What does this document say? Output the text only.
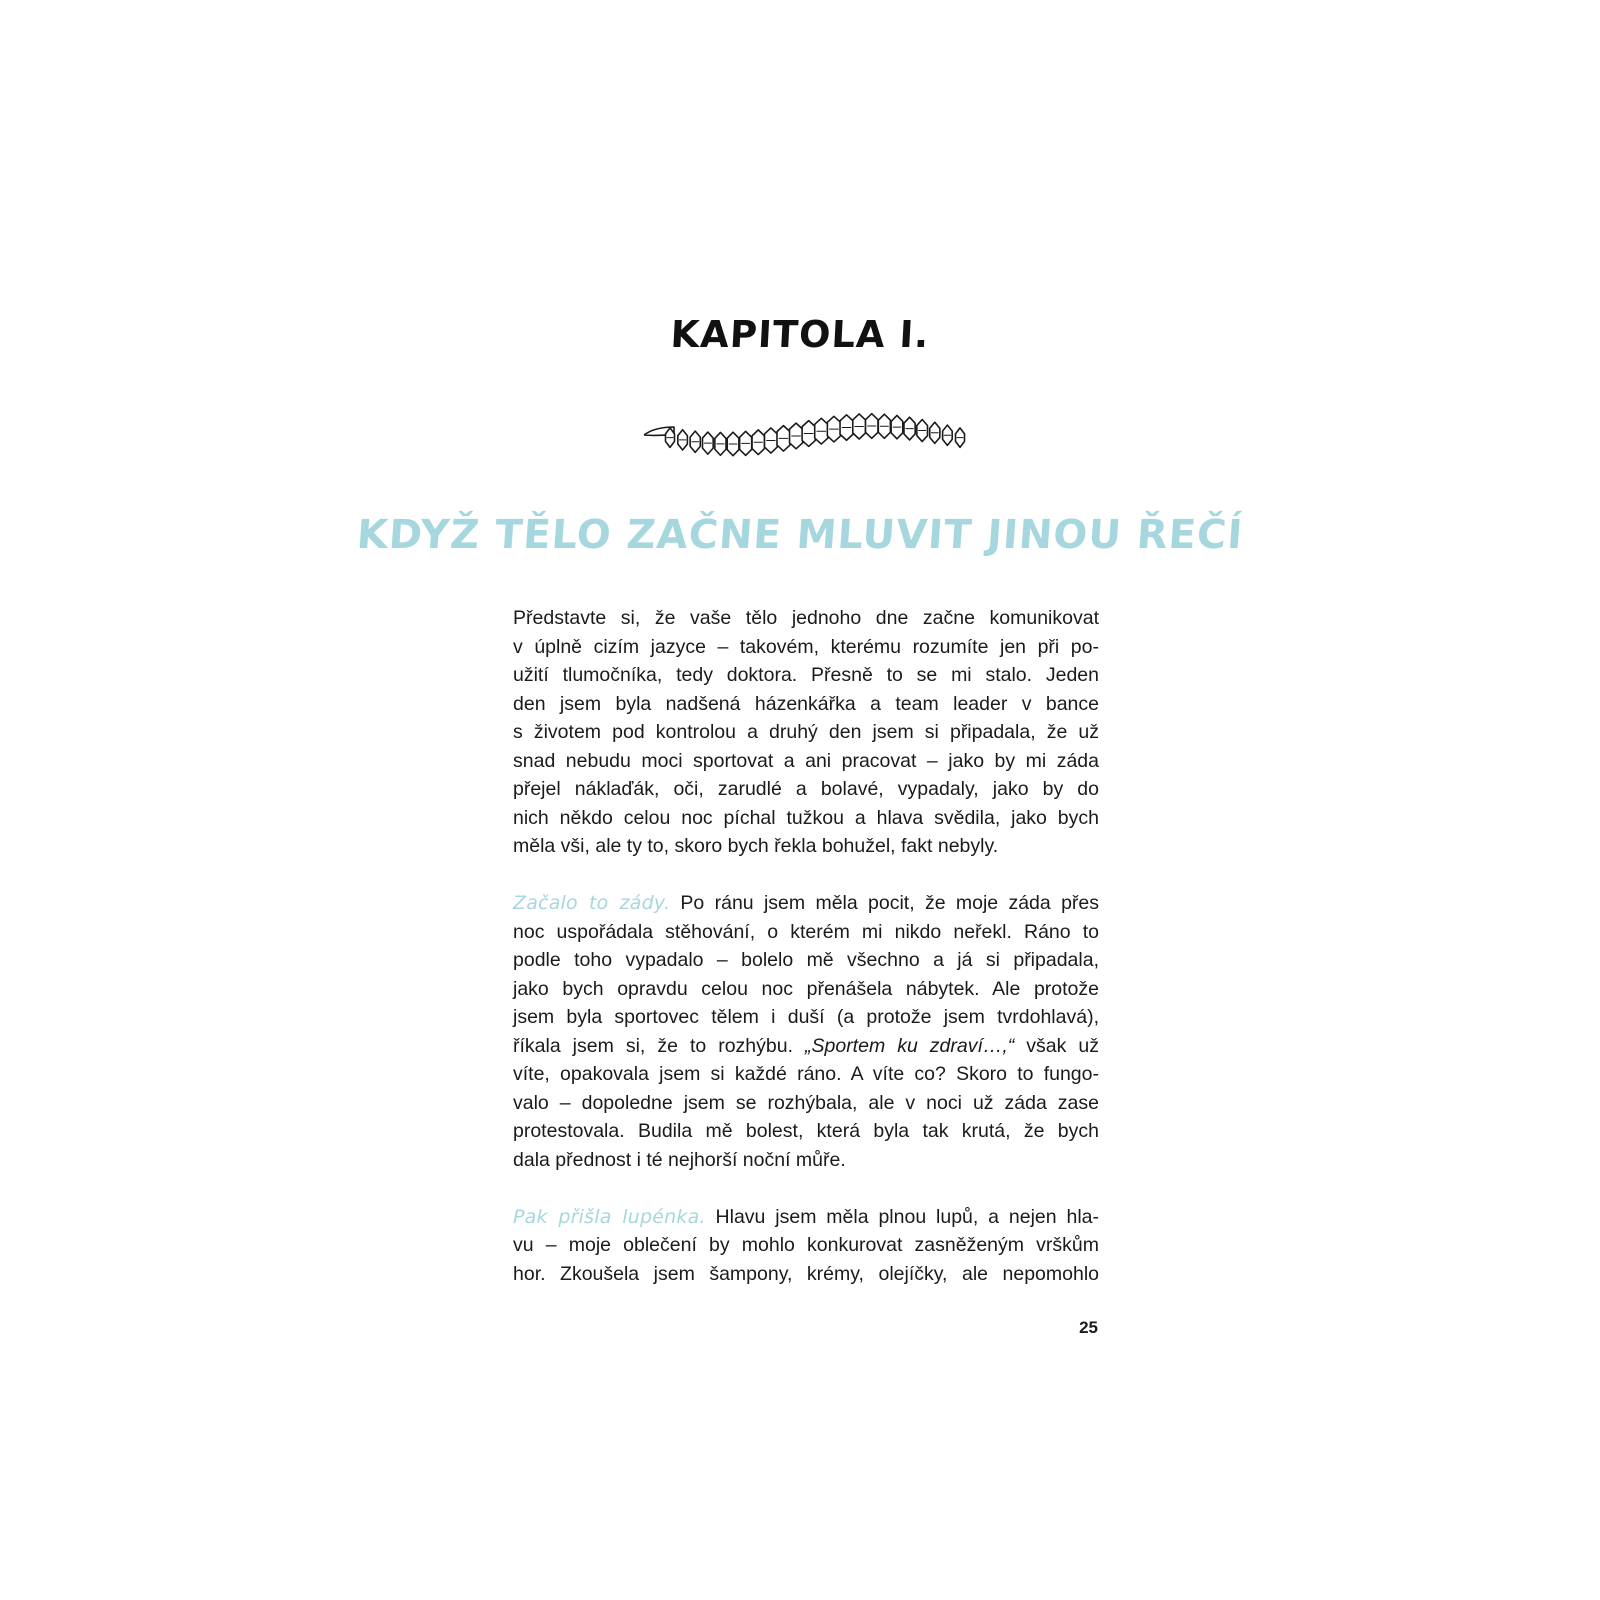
KAPITOLA I.
KDYŽ TĚLO ZAČNE MLUVIT JINOU ŘEČÍ

Představte si, že vaše tělo jednoho dne začne komunikovat
v úplně cizím jazyce – takovém, kterému rozumíte jen při po-
užití tlumočníka, tedy doktora. Přesně to se mi stalo. Jeden
den jsem byla nadšená házenkářka a team leader v bance
s životem pod kontrolou a druhý den jsem si připadala, že už
snad nebudu moci sportovat a ani pracovat – jako by mi záda
přejel náklaďák, oči, zarudlé a bolavé, vypadaly, jako by do
nich někdo celou noc píchal tužkou a hlava svědila, jako bych
měla vši, ale ty to, skoro bych řekla bohužel, fakt nebyly.

Začalo to zády. Po ránu jsem měla pocit, že moje záda přes
noc uspořádala stěhování, o kterém mi nikdo neřekl. Ráno to
podle toho vypadalo – bolelo mě všechno a já si připadala,
jako bych opravdu celou noc přenášela nábytek. Ale protože
jsem byla sportovec tělem i duší (a protože jsem tvrdohlavá),
říkala jsem si, že to rozhýbu. „Sportem ku zdraví…,“ však už
víte, opakovala jsem si každé ráno. A víte co? Skoro to fungo-
valo – dopoledne jsem se rozhýbala, ale v noci už záda zase
protestovala. Budila mě bolest, která byla tak krutá, že bych
dala přednost i té nejhorší noční můře.

Pak přišla lupénka. Hlavu jsem měla plnou lupů, a nejen hla-
vu – moje oblečení by mohlo konkurovat zasněženým vrškům
hor. Zkoušela jsem šampony, krémy, olejíčky, ale nepomohlo

25
